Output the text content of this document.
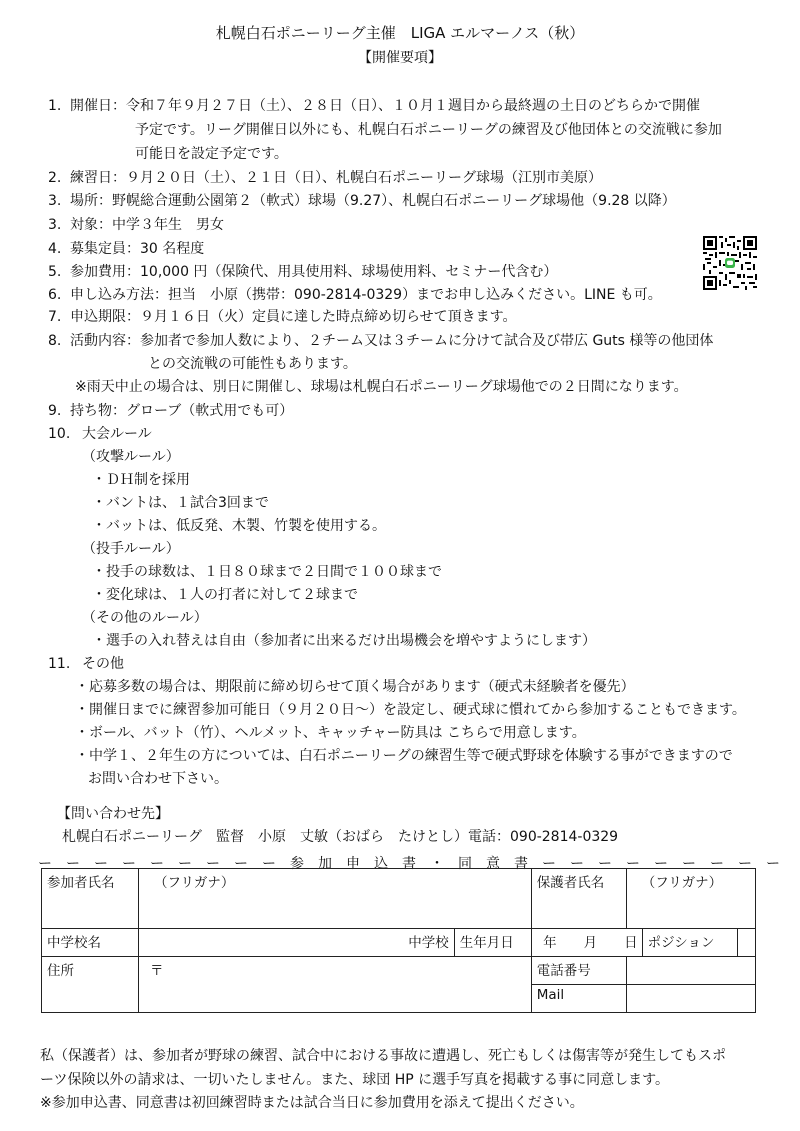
札幌白石ポニーリーグ主催　LIGA エルマーノス（秋）
【開催要項】
1. 開催日：令和７年９月２７日（土）、２８日（日）、１０月１週目から最終週の土日のどちらかで開催
予定です。リーグ開催日以外にも、札幌白石ポニーリーグの練習及び他団体との交流戦に参加
可能日を設定予定です。
2. 練習日：９月２０日（土）、２１日（日）、札幌白石ポニーリーグ球場（江別市美原）
3. 場所：野幌総合運動公園第２（軟式）球場（9.27）、札幌白石ポニーリーグ球場他（9.28 以降）
3. 対象：中学３年生　男女
4. 募集定員：30 名程度
5. 参加費用：10,000 円（保険代、用具使用料、球場使用料、セミナー代含む）
6. 申し込み方法：担当　小原（携帯：090-2814-0329）までお申し込みください。LINE も可。
7. 申込期限：９月１６日（火）定員に達した時点締め切らせて頂きます。
8. 活動内容：参加者で参加人数により、２チーム又は３チームに分けて試合及び帯広 Guts 様等の他団体
との交流戦の可能性もあります。
※雨天中止の場合は、別日に開催し、球場は札幌白石ポニーリーグ球場他での２日間になります。
9. 持ち物：グローブ（軟式用でも可）
10. 大会ルール
（攻撃ルール）
・ＤＨ制を採用
・バントは、１試合3回まで
・バットは、低反発、木製、竹製を使用する。
（投手ルール）
・投手の球数は、１日８０球まで２日間で１００球まで
・変化球は、１人の打者に対して２球まで
（その他のルール）
・選手の入れ替えは自由（参加者に出来るだけ出場機会を増やすようにします）
11. その他
・応募多数の場合は、期限前に締め切らせて頂く場合があります（硬式未経験者を優先）
・開催日までに練習参加可能日（９月２０日～）を設定し、硬式球に慣れてから参加することもできます。
・ボール、バット（竹）、ヘルメット、キャッチャー防具は こちらで用意します。
・中学１、２年生の方については、白石ポニーリーグの練習生等で硬式野球を体験する事ができますので
お問い合わせ下さい。
【問い合わせ先】
札幌白石ポニーリーグ　監督　小原　丈敏（おばら　たけとし）電話：090-2814-0329
ー　ー　ー　ー　ー　ー　ー　ー　ー　参　加　申　込　書　・　同　意　書　ー　ー　ー　ー　ー　ー　ー　ー　ー
参加者氏名	（フリガナ）		保護者氏名	（フリガナ）		
中学校名	中学校	生年月日	年　　月　　日		ポジション	
住所	〒		電話番号			
			Mail			
私（保護者）は、参加者が野球の練習、試合中における事故に遭遇し、死亡もしくは傷害等が発生してもスポ
ーツ保険以外の請求は、一切いたしません。また、球団 HP に選手写真を掲載する事に同意します。
※参加申込書、同意書は初回練習時または試合当日に参加費用を添えて提出ください。
